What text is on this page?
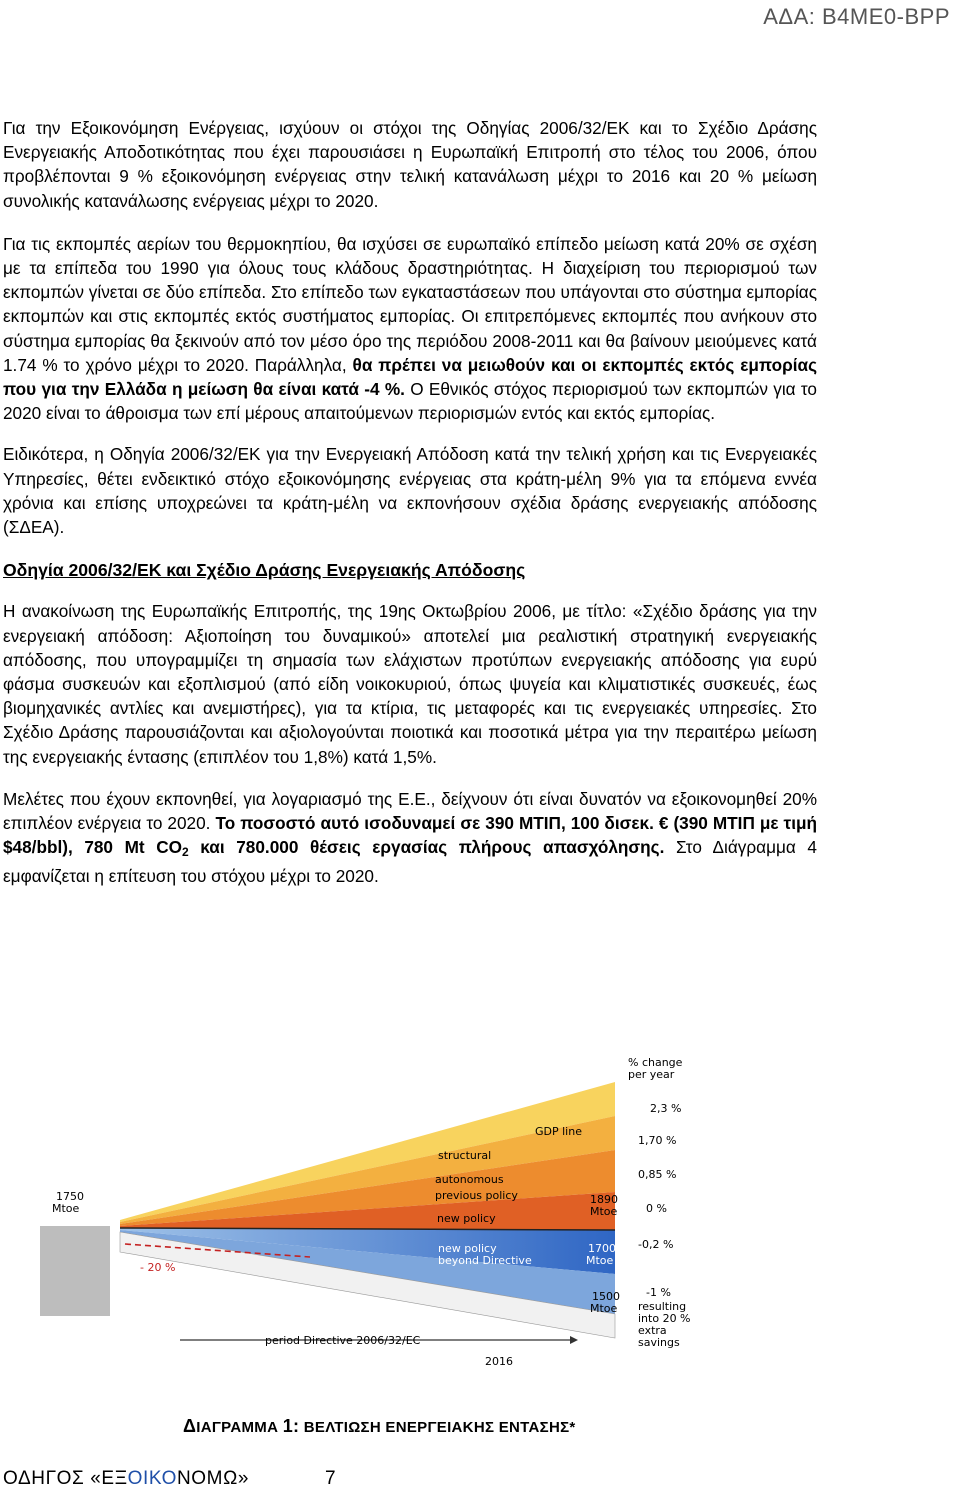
ΑΔΑ: Β4ΜΕ0-ΒΡΡ

Για την Εξοικονόμηση Ενέργειας, ισχύουν οι στόχοι της Οδηγίας 2006/32/ΕΚ και το Σχέδιο Δράσης Ενεργειακής Αποδοτικότητας που έχει παρουσιάσει η Ευρωπαϊκή Επιτροπή στο τέλος του 2006, όπου προβλέπονται 9 % εξοικονόμηση ενέργειας στην τελική κατανάλωση μέχρι το 2016 και 20 % μείωση συνολικής κατανάλωσης ενέργειας μέχρι το 2020.

Για τις εκπομπές αερίων του θερμοκηπίου, θα ισχύσει σε ευρωπαϊκό επίπεδο μείωση κατά 20% σε σχέση με τα επίπεδα του 1990 για όλους τους κλάδους δραστηριότητας. Η διαχείριση του περιορισμού των εκπομπών γίνεται σε δύο επίπεδα. Στο επίπεδο των εγκαταστάσεων που υπάγονται στο σύστημα εμπορίας εκπομπών και στις εκπομπές εκτός συστήματος εμπορίας. Οι επιτρεπόμενες εκπομπές που ανήκουν στο σύστημα εμπορίας θα ξεκινούν από τον μέσο όρο της περιόδου 2008-2011 και θα βαίνουν μειούμενες κατά 1.74 % το χρόνο μέχρι το 2020. Παράλληλα, θα πρέπει να μειωθούν και οι εκπομπές εκτός εμπορίας που για την Ελλάδα η μείωση θα είναι κατά -4 %. Ο Εθνικός στόχος περιορισμού των εκπομπών για το 2020 είναι το άθροισμα των επί μέρους απαιτούμενων περιορισμών εντός και εκτός εμπορίας.

Ειδικότερα, η Οδηγία 2006/32/ΕΚ για την Ενεργειακή Απόδοση κατά την τελική χρήση και τις Ενεργειακές Υπηρεσίες, θέτει ενδεικτικό στόχο εξοικονόμησης ενέργειας στα κράτη-μέλη 9% για τα επόμενα εννέα χρόνια και επίσης υποχρεώνει τα κράτη-μέλη να εκπονήσουν σχέδια δράσης ενεργειακής απόδοσης (ΣΔΕΑ).

Οδηγία 2006/32/ΕΚ και Σχέδιο Δράσης Ενεργειακής Απόδοσης

Η ανακοίνωση της Ευρωπαϊκής Επιτροπής, της 19ης Οκτωβρίου 2006, με τίτλο: «Σχέδιο δράσης για την ενεργειακή απόδοση: Αξιοποίηση του δυναμικού» αποτελεί μια ρεαλιστική στρατηγική ενεργειακής απόδοσης, που υπογραμμίζει τη σημασία των ελάχιστων προτύπων ενεργειακής απόδοσης για ευρύ φάσμα συσκευών και εξοπλισμού (από είδη νοικοκυριού, όπως ψυγεία και κλιματιστικές συσκευές, έως βιομηχανικές αντλίες και ανεμιστήρες), για τα κτίρια, τις μεταφορές και τις ενεργειακές υπηρεσίες. Στο Σχέδιο Δράσης παρουσιάζονται και αξιολογούνται ποιοτικά και ποσοτικά μέτρα για την περαιτέρω μείωση της ενεργειακής έντασης (επιπλέον του 1,8%) κατά 1,5%.

Μελέτες που έχουν εκπονηθεί, για λογαριασμό της Ε.Ε., δείχνουν ότι είναι δυνατόν να εξοικονομηθεί 20% επιπλέον ενέργεια το 2020. Το ποσοστό αυτό ισοδυναμεί σε 390 ΜΤΙΠ, 100 δισεκ. € (390 ΜΤΙΠ με τιμή $48/bbl), 780 Mt $CO_2$ και 780.000 θέσεις εργασίας πλήρους απασχόλησης. Στο Διάγραμμα 4 εμφανίζεται η επίτευση του στόχου μέχρι το 2020.

1750
Mtoe
- 20 %
GDP line
structural
autonomous
previous policy
new policy
new policy
beyond Directive
1890
Mtoe
1700
Mtoe
1500
Mtoe
period Directive 2006/32/EC
2016
% change
per year
2,3 %
1,70 %
0,85 %
0 %
-0,2 %
-1 %
resulting
into 20 %
extra
savings
ΔΙΑΓΡΑΜΜΑ 1: ΒΕΛΤΙΩΣΗ ΕΝΕΡΓΕΙΑΚΗΣ ΕΝΤΑΣΗΣ*
ΟΔΗΓΟΣ «ΕΞΟΙΚΟΝΟΜΩ»	7
